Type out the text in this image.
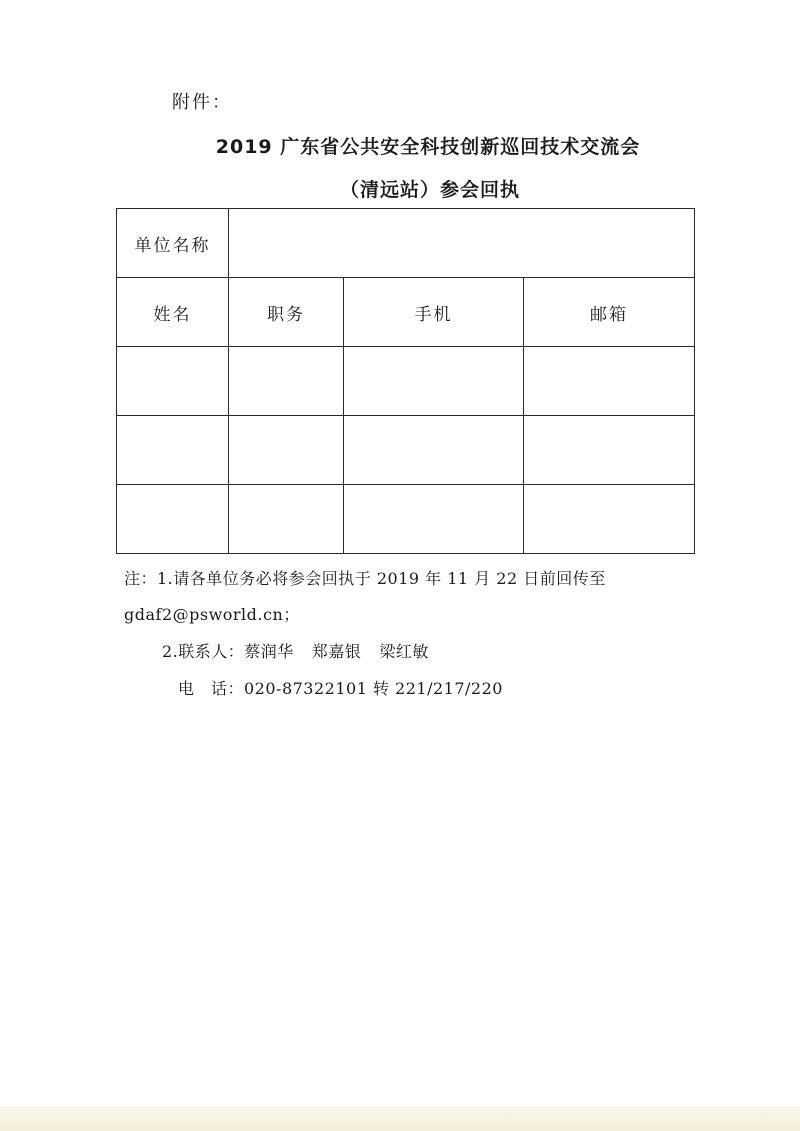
附件：
2019 广东省公共安全科技创新巡回技术交流会
（清远站）参会回执
单位名称			
姓名	职务	手机	邮箱

注：1.请各单位务必将参会回执于 2019 年 11 月 22 日前回传至
gdaf2@psworld.cn；
2.联系人：蔡润华 郑嘉银 梁红敏
电　话：020-87322101 转 221/217/220
